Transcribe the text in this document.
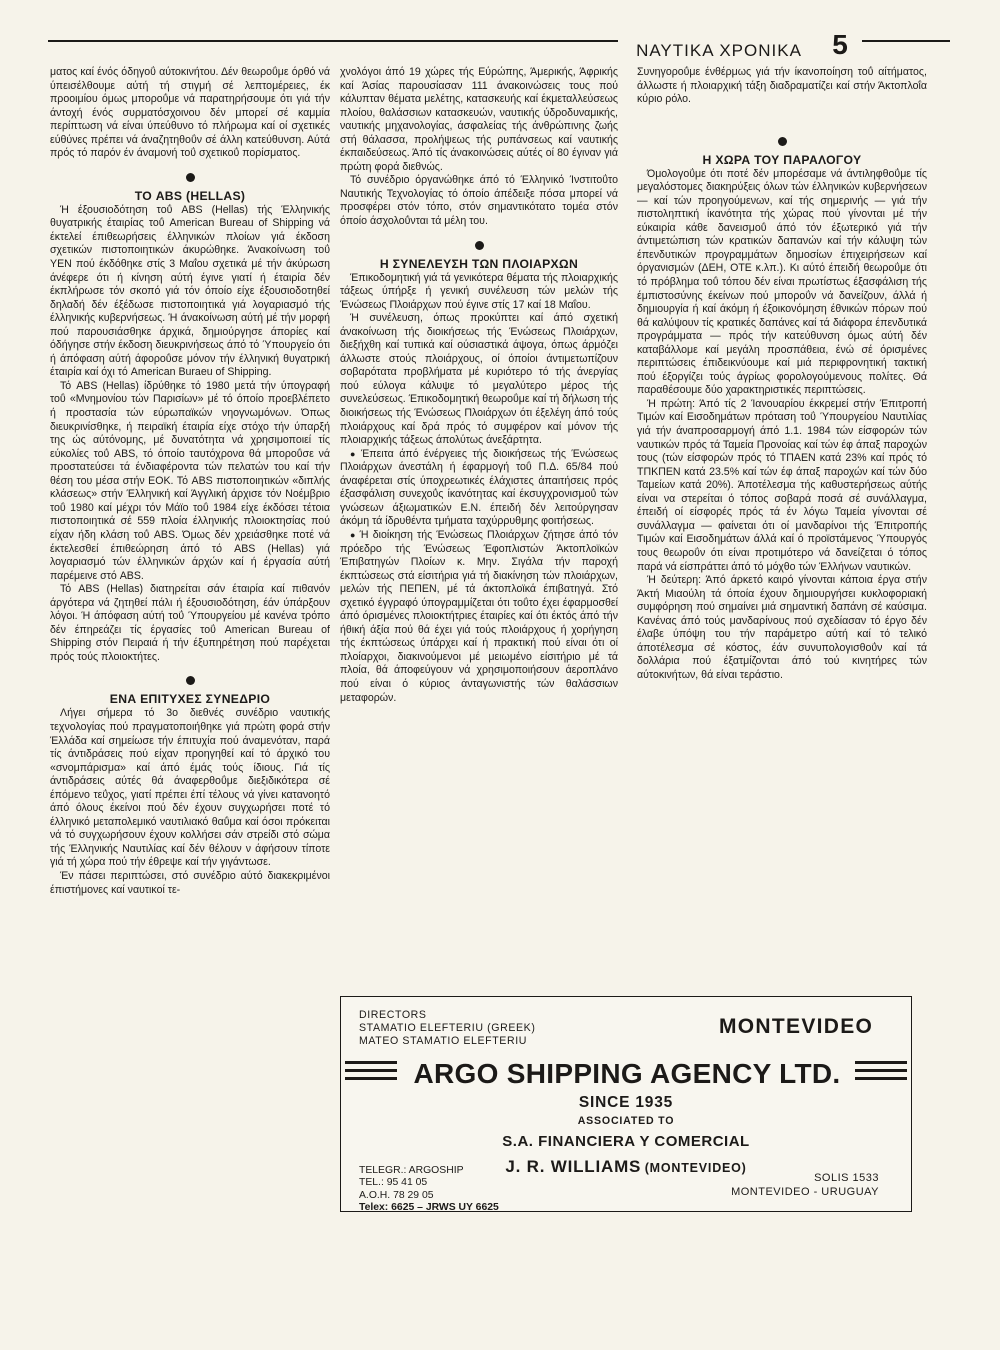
ΝΑΥΤΙΚΑ ΧΡΟΝΙΚΑ	5

ματος καί ένός όδηγοΰ αύτοκινήτου. Δέν θεωροΰμε όρθό νά ύπεισέλθουμε αύτή τή στιγμή σέ λεπτομέρειες, έκ προοιμίου όμως μποροΰμε νά παρατηρήσουμε ότι γιά τήν άντοχή ένός συρματόσχοινου δέν μπορεί σέ καμμία περίπτωση νά είναι ύπεύθυνο τό πλήρωμα καί οί σχετικές εύθύνες πρέπει νά άναζητηθοΰν σέ άλλη κατεύθυνση. Αύτά πρός τό παρόν έν άναμονή τοΰ σχετικοΰ πορίσματος.

ΤΟ ABS (HELLAS)

Ή έξουσιοδότηση τοΰ ABS (Hellas) τής Έλληνικής θυγατρικής έταιρίας τοΰ American Bureau of Shipping νά έκτελεί έπιθεωρήσεις έλληνικών πλοίων γιά έκδοση σχετικών πιστοποιητικών άκυρώθηκε. Άνακοίνωση τοΰ ΥΕΝ πού έκδόθηκε στίς 3 Μαΐου σχετικά μέ τήν άκύρωση άνέφερε ότι ή κίνηση αύτή έγινε γιατί ή έταιρία δέν έκπλήρωσε τόν σκοπό γιά τόν όποίο είχε έξουσιοδοτηθεί δηλαδή δέν έξέδωσε πιστοποιητικά γιά λογαριασμό τής έλληνικής κυβερνήσεως. Ή άνακοίνωση αύτή μέ τήν μορφή πού παρουσιάσθηκε άρχικά, δημιούργησε άπορίες καί όδήγησε στήν έκδοση διευκρινήσεως άπό τό Ύπουργείο ότι ή άπόφαση αύτή άφοροΰσε μόνον τήν έλληνική θυγατρική έταιρία καί όχι τό American Buraeu of Shipping.

Τό ABS (Hellas) ίδρύθηκε τό 1980 μετά τήν ύπογραφή τοΰ «Μνημονίου τών Παρισίων» μέ τό όποίο προεβλέπετο ή προστασία τών εύρωπαϊκών νηογνωμόνων. Όπως διευκρινίσθηκε, ή πειραϊκή έταιρία είχε στόχο τήν ύπαρξή της ώς αύτόνομης, μέ δυνατότητα νά χρησιμοποιεί τίς εύκολίες τοΰ ABS, τό όποίο ταυτόχρονα θά μποροΰσε νά προστατεύσει τά ένδιαφέροντα τών πελατών του καί τήν θέση του μέσα στήν ΕΟΚ. Τό ABS πιστοποιητικών «διπλής κλάσεως» στήν Έλληνική καί Άγγλική άρχισε τόν Νοέμβριο τοΰ 1980 καί μέχρι τόν Μάϊο τοΰ 1984 είχε έκδόσει τέτοια πιστοποιητικά σέ 559 πλοία έλληνικής πλοιοκτησίας πού είχαν ήδη κλάση τοΰ ABS. Όμως δέν χρειάσθηκε ποτέ νά έκτελεσθεί έπιθεώρηση άπό τό ABS (Hellas) γιά λογαριασμό τών έλληνικών άρχών καί ή έργασία αύτή παρέμεινε στό ABS.

Τό ABS (Hellas) διατηρείται σάν έταιρία καί πιθανόν άργότερα νά ζητηθεί πάλι ή έξουσιοδότηση, έάν ύπάρξουν λόγοι. Ή άπόφαση αύτή τοΰ Ύπουργείου μέ κανένα τρόπο δέν έπηρεάζει τίς έργασίες τοΰ American Bureau of Shipping στόν Πειραιά ή τήν έξυπηρέτηση πού παρέχεται πρός τούς πλοιοκτήτες.

ΕΝΑ ΕΠΙΤΥΧΕΣ ΣΥΝΕΔΡΙΟ

Λήγει σήμερα τό 3ο διεθνές συνέδριο ναυτικής τεχνολογίας πού πραγματοποιήθηκε γιά πρώτη φορά στήν Έλλάδα καί σημείωσε τήν έπιτυχία πού άναμενόταν, παρά τίς άντιδράσεις πού είχαν προηγηθεί καί τό άρχικό του «σνομπάρισμα» καί άπό έμάς τούς ίδιους. Γιά τίς άντιδράσεις αύτές θά άναφερθοΰμε διεξιδικότερα σέ έπόμενο τεΰχος, γιατί πρέπει έπί τέλους νά γίνει κατανοητό άπό όλους έκείνοι πού δέν έχουν συγχωρήσει ποτέ τό έλληνικό μεταπολεμικό ναυτιλιακό θαΰμα καί όσοι πρόκειται νά τό συγχωρήσουν έχουν κολλήσει σάν στρείδι στό σώμα τής Έλληνικής Ναυτιλίας καί δέν θέλουν ν άφήσουν τίποτε γιά τή χώρα πού τήν έθρεψε καί τήν γιγάντωσε.

Έν πάσει περιπτώσει, στό συνέδριο αύτό διακεκριμένοι έπιστήμονες καί ναυτικοί τε-

χνολόγοι άπό 19 χώρες τής Εύρώπης, Άμερικής, Άφρικής καί Άσίας παρουσίασαν 111 άνακοινώσεις τους πού κάλυπταν θέματα μελέτης, κατασκευής καί έκμεταλλεύσεως πλοίου, θαλάσσιων κατασκευών, ναυτικής ύδροδυναμικής, ναυτικής μηχανολογίας, άσφαλείας τής άνθρώπινης ζωής στή θάλασσα, προλήψεως τής ρυπάνσεως καί ναυτικής έκπαιδεύσεως. Άπό τίς άνακοινώσεις αύτές οί 80 έγιναν γιά πρώτη φορά διεθνώς.

Τό συνέδριο όργανώθηκε άπό τό Έλληνικό Ίνστιτοΰτο Ναυτικής Τεχνολογίας τό όποίο άπέδειξε πόσα μπορεί νά προσφέρει στόν τόπο, στόν σημαντικότατο τομέα στόν όποίο άσχολοΰνται τά μέλη του.

Η ΣΥΝΕΛΕΥΣΗ ΤΩΝ ΠΛΟΙΑΡΧΩΝ

Έπικοδομητική γιά τά γενικότερα θέματα τής πλοιαρχικής τάξεως ύπήρξε ή γενική συνέλευση τών μελών τής Ένώσεως Πλοιάρχων πού έγινε στίς 17 καί 18 Μαΐου.

Ή συνέλευση, όπως προκύπτει καί άπό σχετική άνακοίνωση τής διοικήσεως τής Ένώσεως Πλοιάρχων, διεξήχθη καί τυπικά καί ούσιαστικά άψογα, όπως άρμόζει άλλωστε στούς πλοιάρχους, οί όποίοι άντιμετωπίζουν σοβαρότατα προβλήματα μέ κυριότερο τό τής άνεργίας πού εύλογα κάλυψε τό μεγαλύτερο μέρος τής συνελεύσεως. Έπικοδομητική θεωροΰμε καί τή δήλωση τής διοικήσεως τής Ένώσεως Πλοιάρχων ότι έξελέγη άπό τούς πλοιάρχους καί δρά πρός τό συμφέρον καί μόνον τής πλοιαρχικής τάξεως άπολύτως άνεξάρτητα.

● Έπειτα άπό ένέργειες τής διοικήσεως τής Ένώσεως Πλοιάρχων άνεστάλη ή έφαρμογή τοΰ Π.Δ. 65/84 πού άναφέρεται στίς ύποχρεωτικές έλάχιστες άπαιτήσεις πρός έξασφάλιση συνεχοΰς ίκανότητας καί έκσυγχρονισμοΰ τών γνώσεων άξιωματικών Ε.Ν. έπειδή δέν λειτούργησαν άκόμη τά ίδρυθέντα τμήματα ταχύρρυθμης φοιτήσεως.

● Ή διοίκηση τής Ένώσεως Πλοιάρχων ζήτησε άπό τόν πρόεδρο τής Ένώσεως Έφοπλιστών Άκτοπλοϊκών Έπιβατηγών Πλοίων κ. Μην. Σιγάλα τήν παροχή έκπτώσεως στά είσιτήρια γιά τή διακίνηση τών πλοιάρχων, μελών τής ΠΕΠΕΝ, μέ τά άκτοπλοϊκά έπιβατηγά. Στό σχετικό έγγραφό ύπογραμμίζεται ότι τοΰτο έχει έφαρμοσθεί άπό όρισμένες πλοιοκτήτριες έταιρίες καί ότι έκτός άπό τήν ήθική άξία πού θά έχει γιά τούς πλοιάρχους ή χορήγηση τής έκπτώσεως ύπάρχει καί ή πρακτική πού είναι ότι οί πλοίαρχοι, διακινούμενοι μέ μειωμένο είσιτήριο μέ τά πλοία, θά άποφεύγουν νά χρησιμοποιήσουν άεροπλάνο πού είναι ό κύριος άνταγωνιστής τών θαλάσσιων μεταφορών.

Συνηγοροΰμε ένθέρμως γιά τήν ίκανοποίηση τοΰ αίτήματος, άλλωστε ή πλοιαρχική τάξη διαδραματίζει καί στήν Άκτοπλοΐα κύριο ρόλο.

Η ΧΩΡΑ ΤΟΥ ΠΑΡΑΛΟΓΟΥ

Όμολογοΰμε ότι ποτέ δέν μπορέσαμε νά άντιληφθοΰμε τίς μεγαλόστομες διακηρύξεις όλων τών έλληνικών κυβερνήσεων — καί τών προηγούμενων, καί τής σημερινής — γιά τήν πιστοληπτική ίκανότητα τής χώρας πού γίνονται μέ τήν εύκαιρία κάθε δανεισμοΰ άπό τόν έξωτερικό γιά τήν άντιμετώπιση τών κρατικών δαπανών καί τήν κάλυψη τών έπενδυτικών προγραμμάτων δημοσίων έπιχειρήσεων καί όργανισμών (ΔΕΗ, ΟΤΕ κ.λπ.). Κι αύτό έπειδή θεωροΰμε ότι τό πρόβλημα τοΰ τόπου δέν είναι πρωτίστως έξασφάλιση τής έμπιστοσύνης έκείνων πού μποροΰν νά δανείζουν, άλλά ή δημιουργία ή καί άκόμη ή έξοικονόμηση έθνικών πόρων πού θά καλύψουν τίς κρατικές δαπάνες καί τά διάφορα έπενδυτικά προγράμματα — πρός τήν κατεύθυνση όμως αύτή δέν καταβάλλομε καί μεγάλη προσπάθεια, ένώ σέ όρισμένες περιπτώσεις έπιδεικνύουμε καί μιά περιφρονητική τακτική πού έξοργίζει τούς άγρίως φορολογούμενους πολίτες. Θά παραθέσουμε δύο χαρακτηριστικές περιπτώσεις.

Ή πρώτη: Άπό τίς 2 Ίανουαρίου έκκρεμεί στήν Έπιτροπή Τιμών καί Εισοδημάτων πρόταση τοΰ Ύπουργείου Ναυτιλίας γιά τήν άναπροσαρμογή άπό 1.1. 1984 τών είσφορών τών ναυτικών πρός τά Ταμεία Προνοίας καί τών έφ άπαξ παροχών τους (τών είσφορών πρός τό ΤΠΑΕΝ κατά 23% καί πρός τό ΤΠΚΠΕΝ κατά 23.5% καί τών έφ άπαξ παροχών καί τών δύο Ταμείων κατά 20%). Άποτέλεσμα τής καθυστερήσεως αύτής είναι να στερείται ό τόπος σοβαρά ποσά σέ συνάλλαγμα, έπειδή οί είσφορές πρός τά έν λόγω Ταμεία γίνονται σέ συνάλλαγμα — φαίνεται ότι οί μανδαρίνοι τής Έπιτροπής Τιμών καί Εισοδημάτων άλλά καί ό προϊστάμενος Ύπουργός τους θεωροΰν ότι είναι προτιμότερο νά δανείζεται ό τόπος παρά νά είσπράττει άπό τό μόχθο τών Έλλήνων ναυτικών.

Ή δεύτερη: Άπό άρκετό καιρό γίνονται κάποια έργα στήν Άκτή Μιαούλη τά όποία έχουν δημιουργήσει κυκλοφοριακή συμφόρηση πού σημαίνει μιά σημαντική δαπάνη σέ καύσιμα. Κανένας άπό τούς μανδαρίνους πού σχεδίασαν τό έργο δέν έλαβε ύπόψη του τήν παράμετρο αύτή καί τό τελικό άποτέλεσμα σέ κόστος, έάν συνυπολογισθοΰν καί τά δολλάρια πού έξατμίζονται άπό τού κινητήρες τών αύτοκινήτων, θά είναι τεράστιο.

DIRECTORS
STAMATIO ELEFTERIU (GREEK)
MATEO STAMATIO ELEFTERIU
MONTEVIDEO
ARGO SHIPPING AGENCY LTD.
SINCE 1935
ASSOCIATED TO
S.A. FINANCIERA Y COMERCIAL
J. R. WILLIAMS (MONTEVIDEO)
TELEGR.: ARGOSHIP
TEL.: 95 41 05
A.O.H. 78 29 05
Telex: 6625 – JRWS UY 6625
SOLIS 1533
MONTEVIDEO - URUGUAY
